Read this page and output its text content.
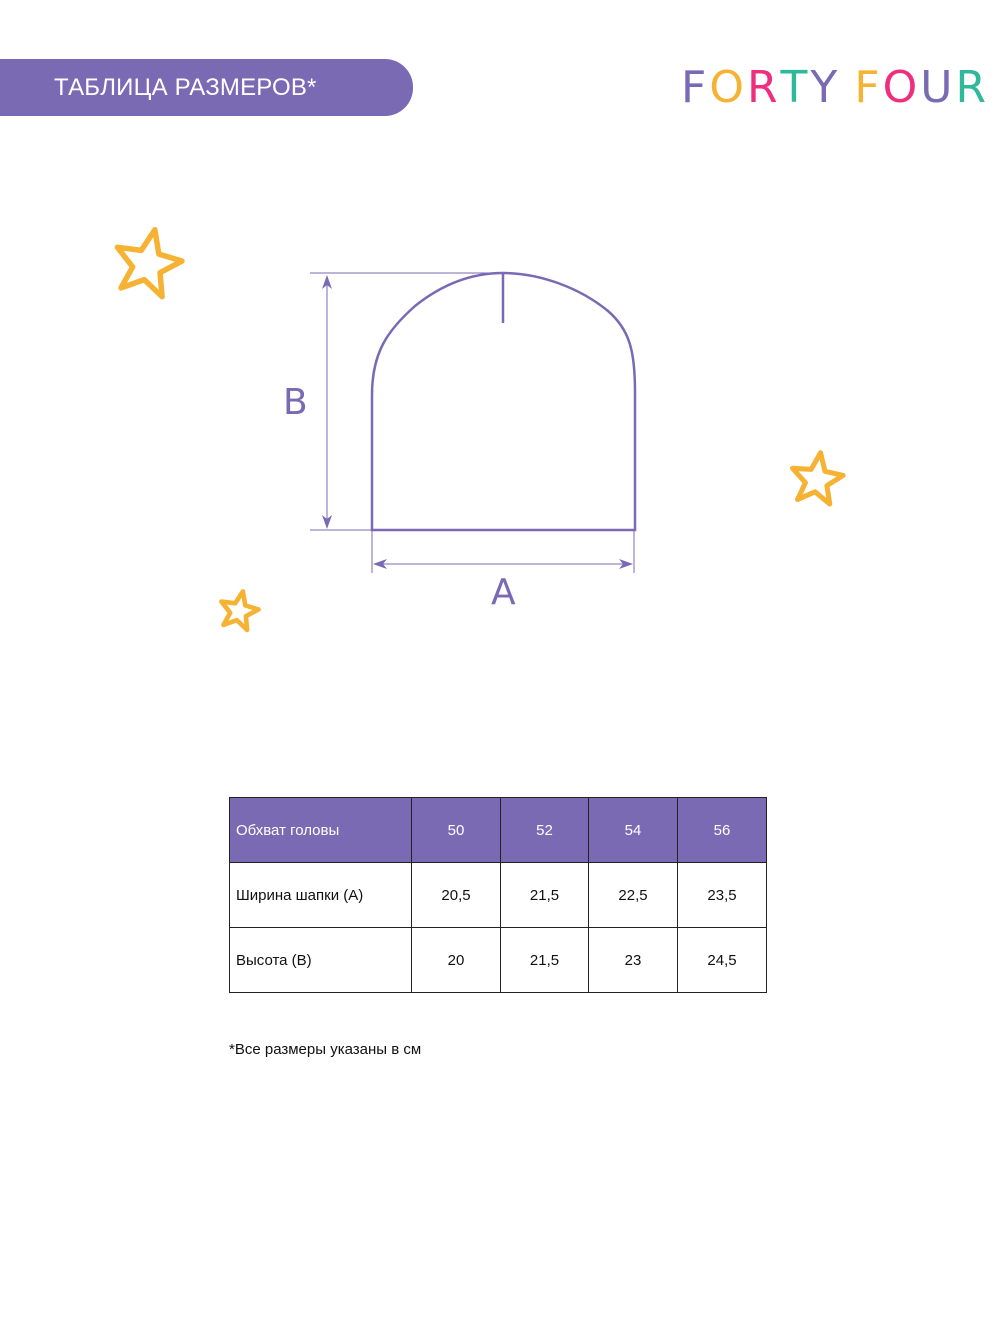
ТАБЛИЦА РАЗМЕРОВ*	FORTY FOUR
B
A
Обхват головы	50	52	54	56
Ширина шапки (А)	20,5	21,5	22,5	23,5
Высота (В)	20	21,5	23	24,5
*Все размеры указаны в см
